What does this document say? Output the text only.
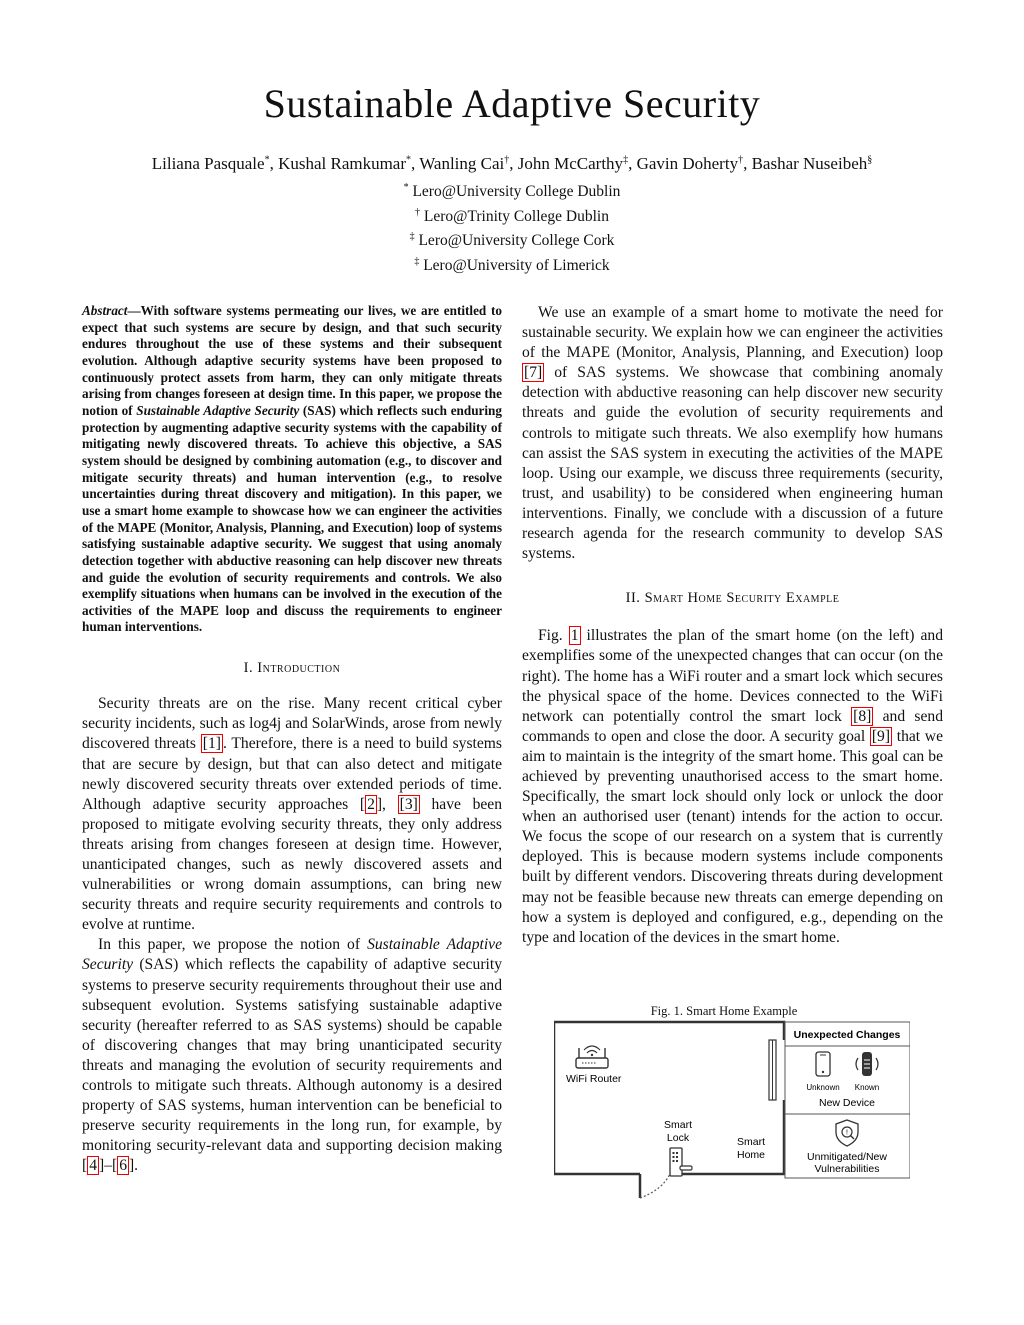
Sustainable Adaptive Security
Liliana Pasquale*, Kushal Ramkumar*, Wanling Cai†, John McCarthy‡, Gavin Doherty†, Bashar Nuseibeh§
* Lero@University College Dublin
† Lero@Trinity College Dublin
‡ Lero@University College Cork
‡ Lero@University of Limerick
Abstract—With software systems permeating our lives, we are entitled to expect that such systems are secure by design, and that such security endures throughout the use of these systems and their subsequent evolution. Although adaptive security systems have been proposed to continuously protect assets from harm, they can only mitigate threats arising from changes foreseen at design time. In this paper, we propose the notion of Sustainable Adaptive Security (SAS) which reflects such enduring protection by augmenting adaptive security systems with the capability of mitigating newly discovered threats. To achieve this objective, a SAS system should be designed by combining automation (e.g., to discover and mitigate security threats) and human intervention (e.g., to resolve uncertainties during threat discovery and mitigation). In this paper, we use a smart home example to showcase how we can engineer the activities of the MAPE (Monitor, Analysis, Planning, and Execution) loop of systems satisfying sustainable adaptive security. We suggest that using anomaly detection together with abductive reasoning can help discover new threats and guide the evolution of security requirements and controls. We also exemplify situations when humans can be involved in the execution of the activities of the MAPE loop and discuss the requirements to engineer human interventions.
I. Introduction

Security threats are on the rise. Many recent critical cyber security incidents, such as log4j and SolarWinds, arose from newly discovered threats [1] . Therefore, there is a need to build systems that are secure by design, but that can also detect and mitigate newly discovered security threats over extended periods of time. Although adaptive security approaches [ 2 ], [3] have been proposed to mitigate evolving security threats, they only address threats arising from changes foreseen at design time. However, unanticipated changes, such as newly discovered assets and vulnerabilities or wrong domain assumptions, can bring new security threats and require security requirements and controls to evolve at runtime.

In this paper, we propose the notion of Sustainable Adaptive Security (SAS) which reflects the capability of adaptive security systems to preserve security requirements throughout their use and subsequent evolution. Systems satisfying sustainable adaptive security (hereafter referred to as SAS systems) should be capable of discovering changes that may bring unanticipated security threats and managing the evolution of security requirements and controls to mitigate such threats. Although autonomy is a desired property of SAS systems, human intervention can be beneficial to preserve security requirements in the long run, for example, by monitoring security-relevant data and supporting decision making [ 4 ]–[ 6 ].

We use an example of a smart home to motivate the need for sustainable security. We explain how we can engineer the activities of the MAPE (Monitor, Analysis, Planning, and Execution) loop [7] of SAS systems. We showcase that combining anomaly detection with abductive reasoning can help discover new security threats and guide the evolution of security requirements and controls to mitigate such threats. We also exemplify how humans can assist the SAS system in executing the activities of the MAPE loop. Using our example, we discuss three requirements (security, trust, and usability) to be considered when engineering human interventions. Finally, we conclude with a discussion of a future research agenda for the research community to develop SAS systems.

II. Smart Home Security Example

Fig. 1 illustrates the plan of the smart home (on the left) and exemplifies some of the unexpected changes that can occur (on the right). The home has a WiFi router and a smart lock which secures the physical space of the home. Devices connected to the WiFi network can potentially control the smart lock [8] and send commands to open and close the door. A security goal [9] that we aim to maintain is the integrity of the smart home. This goal can be achieved by preventing unauthorised access to the smart home. Specifically, the smart lock should only lock or unlock the door when an authorised user (tenant) intends for the action to occur. We focus the scope of our research on a system that is currently deployed. This is because modern systems include components built by different vendors. Discovering threats during development may not be feasible because new threats can emerge depending on how a system is deployed and configured, e.g., depending on the type and location of the devices in the smart home.

Fig. 1. Smart Home Example
WiFi Router
Smart
Lock	Smart
Home
Unexpected Changes
Unknown Known
New Device
!
Unmitigated/New
Vulnerabilities
